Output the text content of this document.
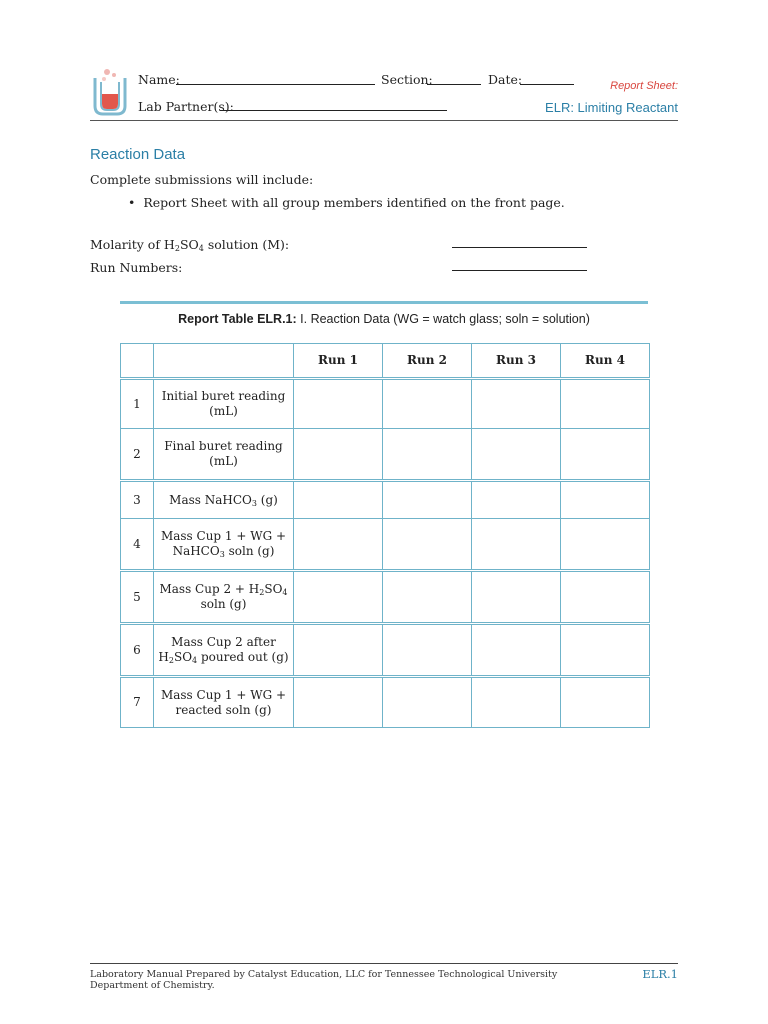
Name:	Section:	Date:	Report Sheet:
Lab Partner(s):	ELR: Limiting Reactant
Reaction Data
Complete submissions will include:
• Report Sheet with all group members identified on the front page.
Molarity of $H_2SO_4$ solution (M):
Run Numbers:
Report Table ELR.1: I. Reaction Data (WG = watch glass; soln = solution)
		Run 1	Run 2	Run 3	Run 4
1	Initial buret reading
(mL)				
2	Final buret reading
(mL)				
3	Mass NaHCO$_3$ (g)				
4	Mass Cup 1 + WG +
NaHCO$_3$ soln (g)				
5	Mass Cup $2 + H_2SO_4$
soln (g)				
6	Mass Cup 2 after
$H_2SO_4$ poured out (g)				
7	Mass Cup 1 + WG +
reacted soln (g)				
Laboratory Manual Prepared by Catalyst Education, LLC for Tennessee Technological University
Department of Chemistry.
ELR.1
